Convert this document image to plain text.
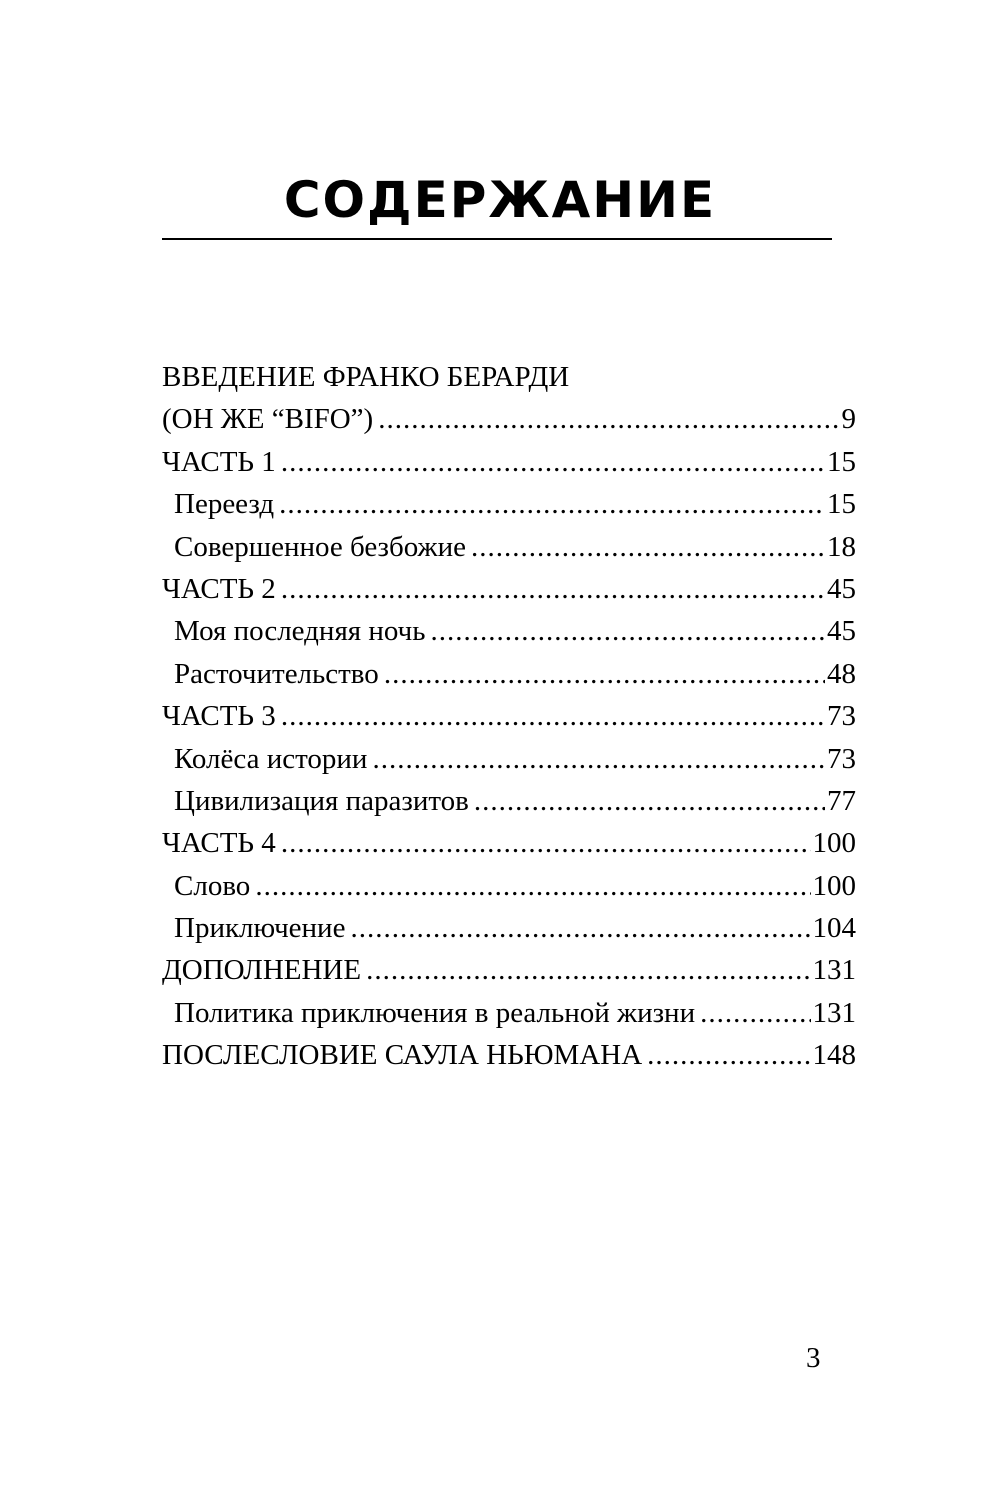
СОДЕРЖАНИЕ
ВВЕДЕНИЕ ФРАНКО БЕРАРДИ
(ОН ЖЕ “BIFO”) .....	9
ЧАСТЬ 1 .....	15
Переезд .....	15
Совершенное безбожие .....	18
ЧАСТЬ 2 .....	45
Моя последняя ночь .....	45
Расточительство .....	48
ЧАСТЬ 3 .....	73
Колёса истории .....	73
Цивилизация паразитов .....	77
ЧАСТЬ 4 .....	100
Слово .....	100
Приключение .....	104
ДОПОЛНЕНИЕ .....	131
Политика приключения в реальной жизни .....	131
ПОСЛЕСЛОВИЕ САУЛА НЬЮМАНА .....	148
3
